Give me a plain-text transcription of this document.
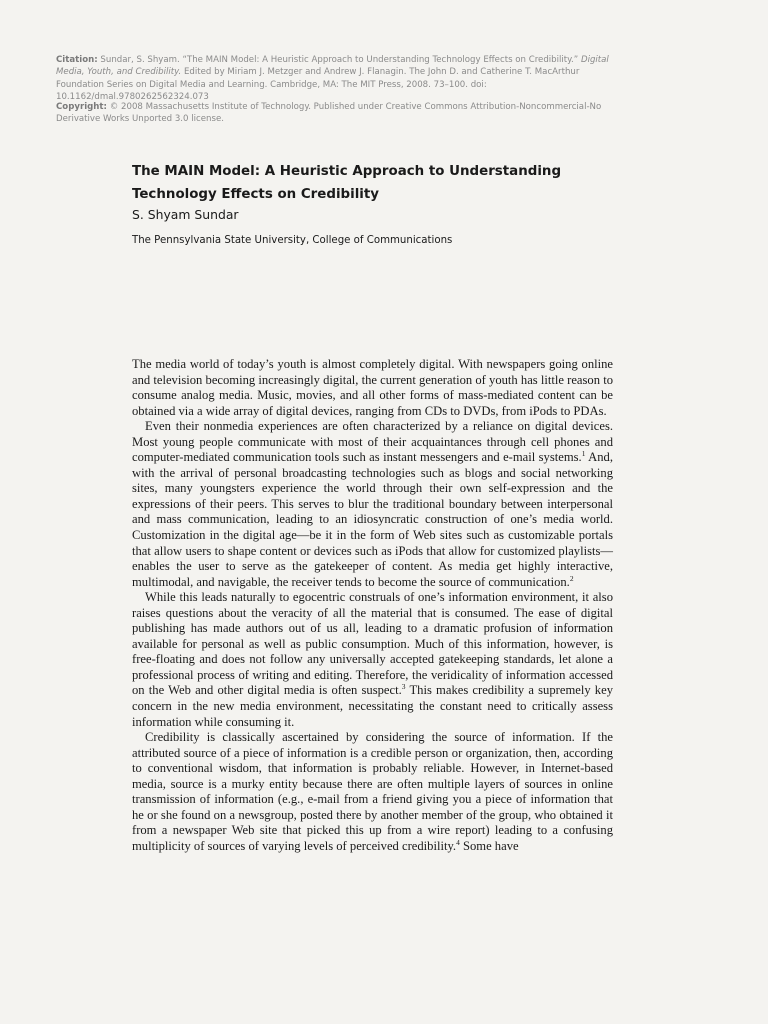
Citation: Sundar, S. Shyam. “The MAIN Model: A Heuristic Approach to Understanding Technology Effects on Credibility.” Digital Media, Youth, and Credibility. Edited by Miriam J. Metzger and Andrew J. Flanagin. The John D. and Catherine T. MacArthur Foundation Series on Digital Media and Learning. Cambridge, MA: The MIT Press, 2008. 73–100. doi: 10.1162/dmal.9780262562324.073
Copyright: © 2008 Massachusetts Institute of Technology. Published under Creative Commons Attribution-Noncommercial-No Derivative Works Unported 3.0 license.
The MAIN Model: A Heuristic Approach to Understanding Technology Effects on Credibility
S. Shyam Sundar
The Pennsylvania State University, College of Communications

The media world of today’s youth is almost completely digital. With newspapers going online and television becoming increasingly digital, the current generation of youth has little reason to consume analog media. Music, movies, and all other forms of mass-mediated content can be obtained via a wide array of digital devices, ranging from CDs to DVDs, from iPods to PDAs.

Even their nonmedia experiences are often characterized by a reliance on digital devices. Most young people communicate with most of their acquaintances through cell phones and computer-mediated communication tools such as instant messengers and e-mail systems.$^1$ And, with the arrival of personal broadcasting technologies such as blogs and social networking sites, many youngsters experience the world through their own self-expression and the expressions of their peers. This serves to blur the traditional boundary between interpersonal and mass communication, leading to an idiosyncratic construction of one’s media world. Customization in the digital age—be it in the form of Web sites such as customizable portals that allow users to shape content or devices such as iPods that allow for customized playlists—enables the user to serve as the gatekeeper of content. As media get highly interactive, multimodal, and navigable, the receiver tends to become the source of communication.$^2$

While this leads naturally to egocentric construals of one’s information environment, it also raises questions about the veracity of all the material that is consumed. The ease of digital publishing has made authors out of us all, leading to a dramatic profusion of information available for personal as well as public consumption. Much of this information, however, is free-floating and does not follow any universally accepted gatekeeping standards, let alone a professional process of writing and editing. Therefore, the veridicality of information accessed on the Web and other digital media is often suspect.$^3$ This makes credibility a supremely key concern in the new media environment, necessitating the constant need to critically assess information while consuming it.

Credibility is classically ascertained by considering the source of information. If the attributed source of a piece of information is a credible person or organization, then, according to conventional wisdom, that information is probably reliable. However, in Internet-based media, source is a murky entity because there are often multiple layers of sources in online transmission of information (e.g., e-mail from a friend giving you a piece of information that he or she found on a newsgroup, posted there by another member of the group, who obtained it from a newspaper Web site that picked this up from a wire report) leading to a confusing multiplicity of sources of varying levels of perceived credibility.$^4$ Some have
